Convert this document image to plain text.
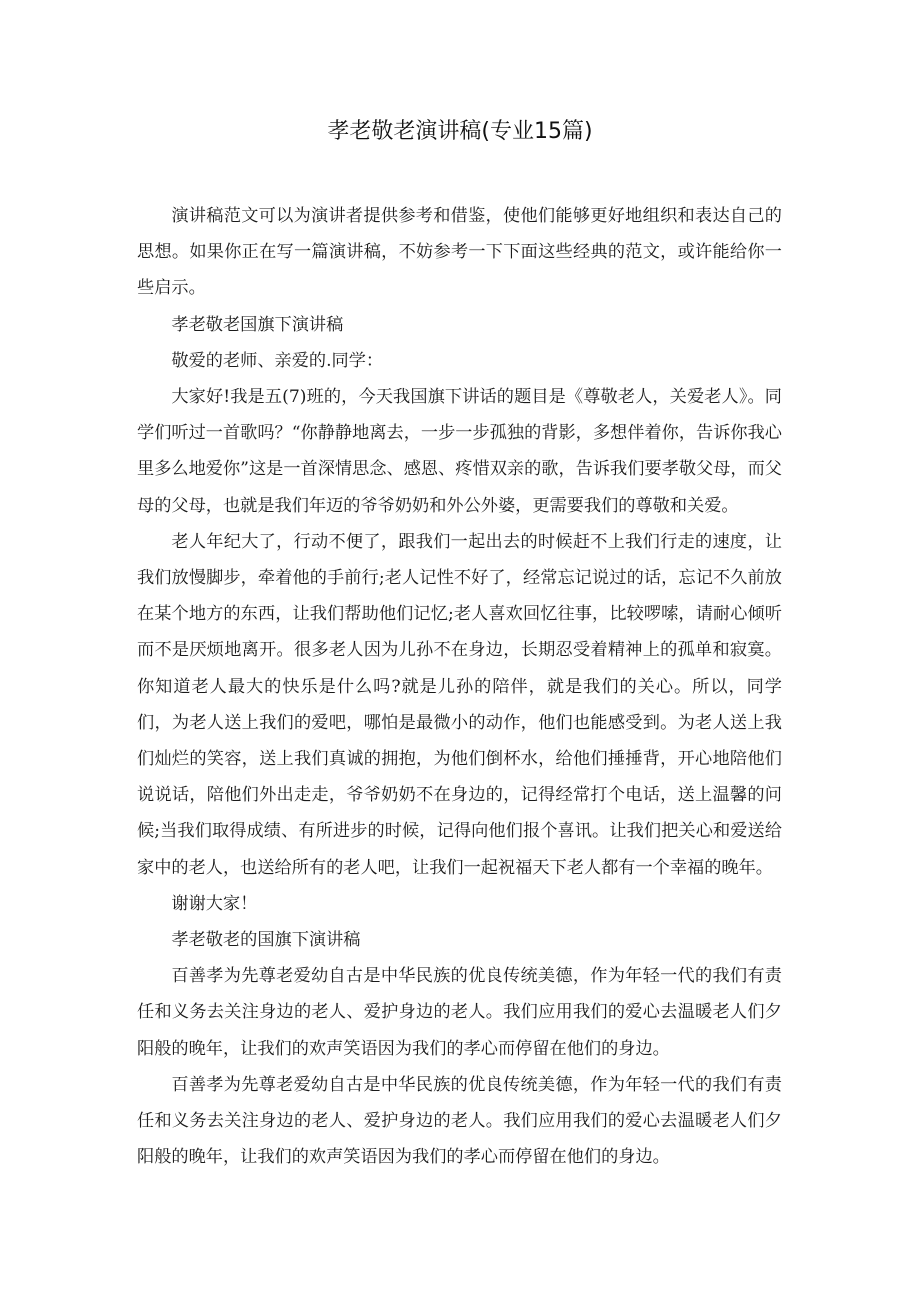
孝老敬老演讲稿(专业15篇)

演讲稿范文可以为演讲者提供参考和借鉴，使他们能够更好地组织和表达自己的思想。如果你正在写一篇演讲稿，不妨参考一下下面这些经典的范文，或许能给你一些启示。

孝老敬老国旗下演讲稿

敬爱的老师、亲爱的.同学：

大家好!我是五(7)班的，今天我国旗下讲话的题目是《尊敬老人，关爱老人》。同学们听过一首歌吗？“你静静地离去，一步一步孤独的背影，多想伴着你，告诉你我心里多么地爱你”这是一首深情思念、感恩、疼惜双亲的歌，告诉我们要孝敬父母，而父母的父母，也就是我们年迈的爷爷奶奶和外公外婆，更需要我们的尊敬和关爱。

老人年纪大了，行动不便了，跟我们一起出去的时候赶不上我们行走的速度，让我们放慢脚步，牵着他的手前行;老人记性不好了，经常忘记说过的话，忘记不久前放在某个地方的东西，让我们帮助他们记忆;老人喜欢回忆往事，比较啰嗦，请耐心倾听而不是厌烦地离开。很多老人因为儿孙不在身边，长期忍受着精神上的孤单和寂寞。你知道老人最大的快乐是什么吗?就是儿孙的陪伴，就是我们的关心。所以，同学们，为老人送上我们的爱吧，哪怕是最微小的动作，他们也能感受到。为老人送上我们灿烂的笑容，送上我们真诚的拥抱，为他们倒杯水，给他们捶捶背，开心地陪他们说说话，陪他们外出走走，爷爷奶奶不在身边的，记得经常打个电话，送上温馨的问候;当我们取得成绩、有所进步的时候，记得向他们报个喜讯。让我们把关心和爱送给家中的老人，也送给所有的老人吧，让我们一起祝福天下老人都有一个幸福的晚年。

谢谢大家！

孝老敬老的国旗下演讲稿

百善孝为先尊老爱幼自古是中华民族的优良传统美德，作为年轻一代的我们有责任和义务去关注身边的老人、爱护身边的老人。我们应用我们的爱心去温暖老人们夕阳般的晚年，让我们的欢声笑语因为我们的孝心而停留在他们的身边。

百善孝为先尊老爱幼自古是中华民族的优良传统美德，作为年轻一代的我们有责任和义务去关注身边的老人、爱护身边的老人。我们应用我们的爱心去温暖老人们夕阳般的晚年，让我们的欢声笑语因为我们的孝心而停留在他们的身边。
